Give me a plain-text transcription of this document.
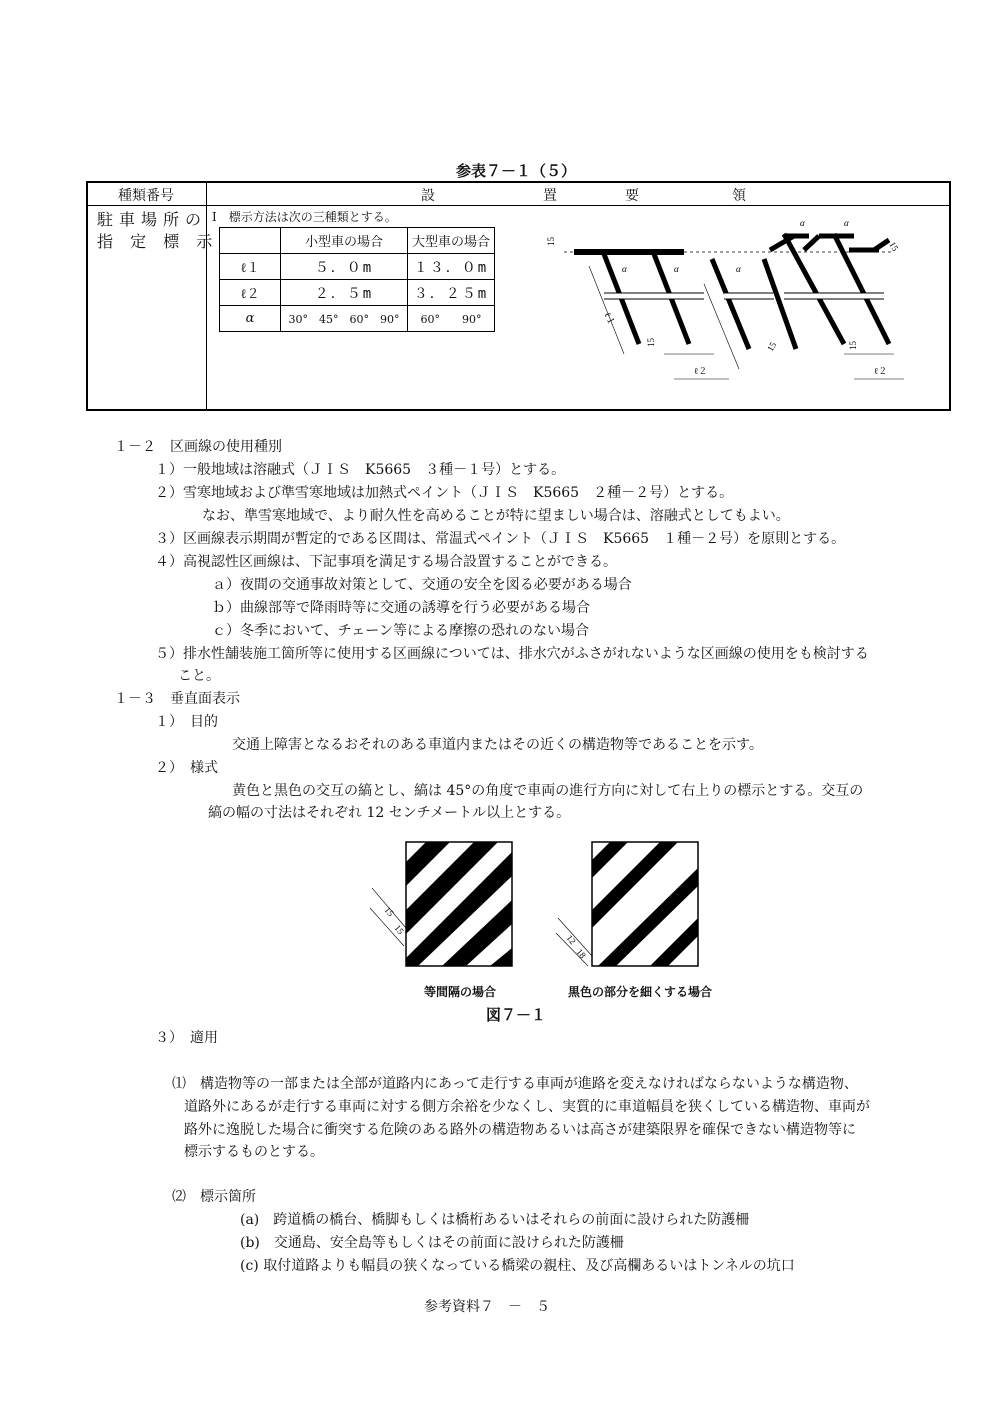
参表７－１（５）
種類番号	設	置	要	領
駐車場所の
指 定 標 示
I　標示方法は次の三種類とする。
	小型車の場合	大型車の場合
ℓ１	５．０m	１３．０m
ℓ２	２．５m	３．２５m
α	30°　45°　60°　90°	60°　　90°
15
α	α	α
α	α
15
15	15	15
ℓ１
ℓ２	ℓ２
１－２　区画線の使用種別
１）一般地域は溶融式（ＪＩＳ　K5665　３種－１号）とする。
２）雪寒地域および準雪寒地域は加熱式ペイント（ＪＩＳ　K5665　２種－２号）とする。
なお、準雪寒地域で、より耐久性を高めることが特に望ましい場合は、溶融式としてもよい。
３）区画線表示期間が暫定的である区間は、常温式ペイント（ＪＩＳ　K5665　１種－２号）を原則とする。
４）高視認性区画線は、下記事項を満足する場合設置することができる。
ａ）夜間の交通事故対策として、交通の安全を図る必要がある場合
ｂ）曲線部等で降雨時等に交通の誘導を行う必要がある場合
ｃ）冬季において、チェーン等による摩擦の恐れのない場合
５）排水性舗装施工箇所等に使用する区画線については、排水穴がふさがれないような区画線の使用をも検討する
こと。
１－３　垂直面表示
１）　目的
交通上障害となるおそれのある車道内またはその近くの構造物等であることを示す。
２）　様式
黄色と黒色の交互の縞とし、縞は 45°の角度で車両の進行方向に対して右上りの標示とする。交互の
縞の幅の寸法はそれぞれ 12 センチメートル以上とする。
15
15
12
18
等間隔の場合	黒色の部分を細くする場合
図７－１
３）　適用
⑴　構造物等の一部または全部が道路内にあって走行する車両が進路を変えなければならないような構造物、
道路外にあるが走行する車両に対する側方余裕を少なくし、実質的に車道幅員を狭くしている構造物、車両が
路外に逸脱した場合に衝突する危険のある路外の構造物あるいは高さが建築限界を確保できない構造物等に
標示するものとする。
⑵　標示箇所
(a)　跨道橋の橋台、橋脚もしくは橋桁あるいはそれらの前面に設けられた防護柵
(b)　交通島、安全島等もしくはその前面に設けられた防護柵
(c) 取付道路よりも幅員の狭くなっている橋梁の親柱、及び高欄あるいはトンネルの坑口
参考資料７　－　５
